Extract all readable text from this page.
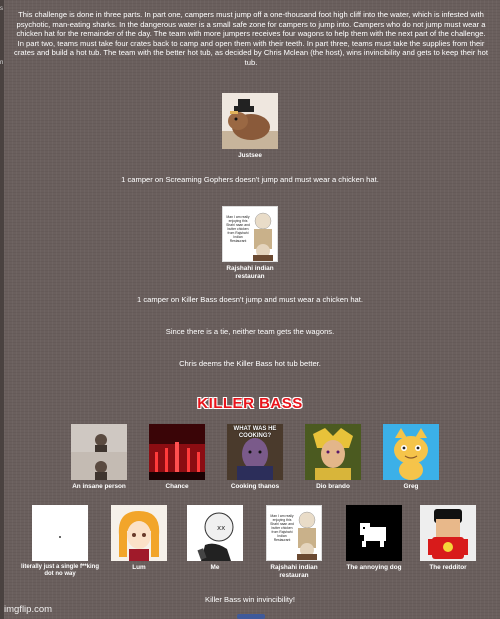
s
n

This challenge is done in three parts. In part one, campers must jump off a one-thousand foot high cliff into the water, which is infested with psychotic, man-eating sharks. In the dangerous water is a small safe zone for campers to jump into. Campers who do not jump must wear a chicken hat for the remainder of the day. The team with more jumpers receives four wagons to help them with the next part of the challenge. In part two, teams must take four crates back to camp and open them with their teeth. In part three, teams must take the supplies from their crates and build a hot tub. The team with the better hot tub, as decided by Chris Mclean (the host), wins invincibility and gets to keep their hot tub.

Justsee

1 camper on Screaming Gophers doesn't jump and must wear a chicken hat.

Man I am really enjoying this Shahi naan and butter chicken from Rajshahi Indian Restaurant
Rajshahi indian restauran

1 camper on Killer Bass doesn't jump and must wear a chicken hat.

Since there is a tie, neither team gets the wagons.

Chris deems the Killer Bass hot tub better.

KILLER BASS
An insane person	Chance
WHAT WAS HE COOKING?
Cooking thanos	Dio brando	Greg
literally just a single f**king dot no way
Lum
xx
Me
Man I am really enjoying this Shahi naan and butter chicken from Rajshahi Indian Restaurant
Rajshahi indian restauran
The annoying dog	The redditor

Killer Bass win invincibility!

imgflip.com
